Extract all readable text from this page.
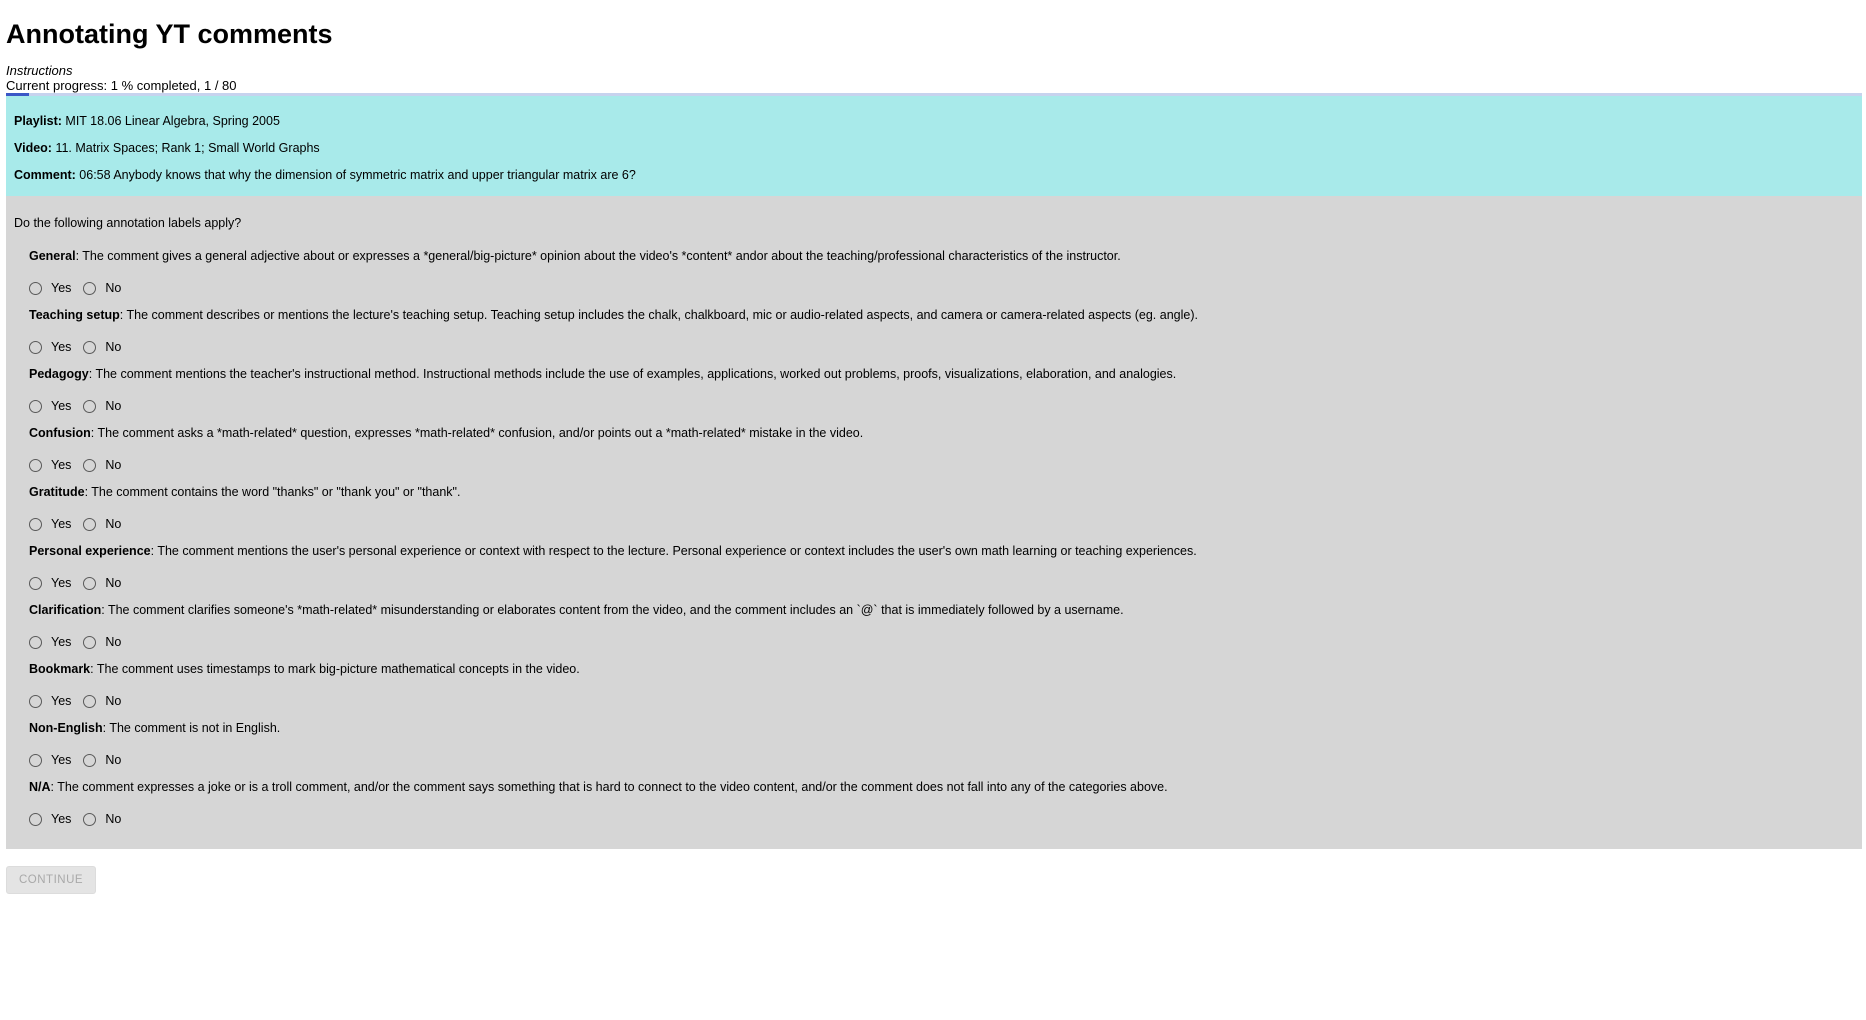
Annotating YT comments
Instructions
Current progress: 1 % completed, 1 / 80
Playlist: MIT 18.06 Linear Algebra, Spring 2005
Video: 11. Matrix Spaces; Rank 1; Small World Graphs
Comment: 06:58 Anybody knows that why the dimension of symmetric matrix and upper triangular matrix are 6?
Do the following annotation labels apply?
General: The comment gives a general adjective about or expresses a *general/big-picture* opinion about the video's *content* andor about the teaching/professional characteristics of the instructor.
Yes	No
Teaching setup: The comment describes or mentions the lecture's teaching setup. Teaching setup includes the chalk, chalkboard, mic or audio-related aspects, and camera or camera-related aspects (eg. angle).
Yes	No
Pedagogy: The comment mentions the teacher's instructional method. Instructional methods include the use of examples, applications, worked out problems, proofs, visualizations, elaboration, and analogies.
Yes	No
Confusion: The comment asks a *math-related* question, expresses *math-related* confusion, and/or points out a *math-related* mistake in the video.
Yes	No
Gratitude: The comment contains the word "thanks" or "thank you" or "thank".
Yes	No
Personal experience: The comment mentions the user's personal experience or context with respect to the lecture. Personal experience or context includes the user's own math learning or teaching experiences.
Yes	No
Clarification: The comment clarifies someone's *math-related* misunderstanding or elaborates content from the video, and the comment includes an `@` that is immediately followed by a username.
Yes	No
Bookmark: The comment uses timestamps to mark big-picture mathematical concepts in the video.
Yes	No
Non-English: The comment is not in English.
Yes	No
N/A: The comment expresses a joke or is a troll comment, and/or the comment says something that is hard to connect to the video content, and/or the comment does not fall into any of the categories above.
Yes	No
CONTINUE
